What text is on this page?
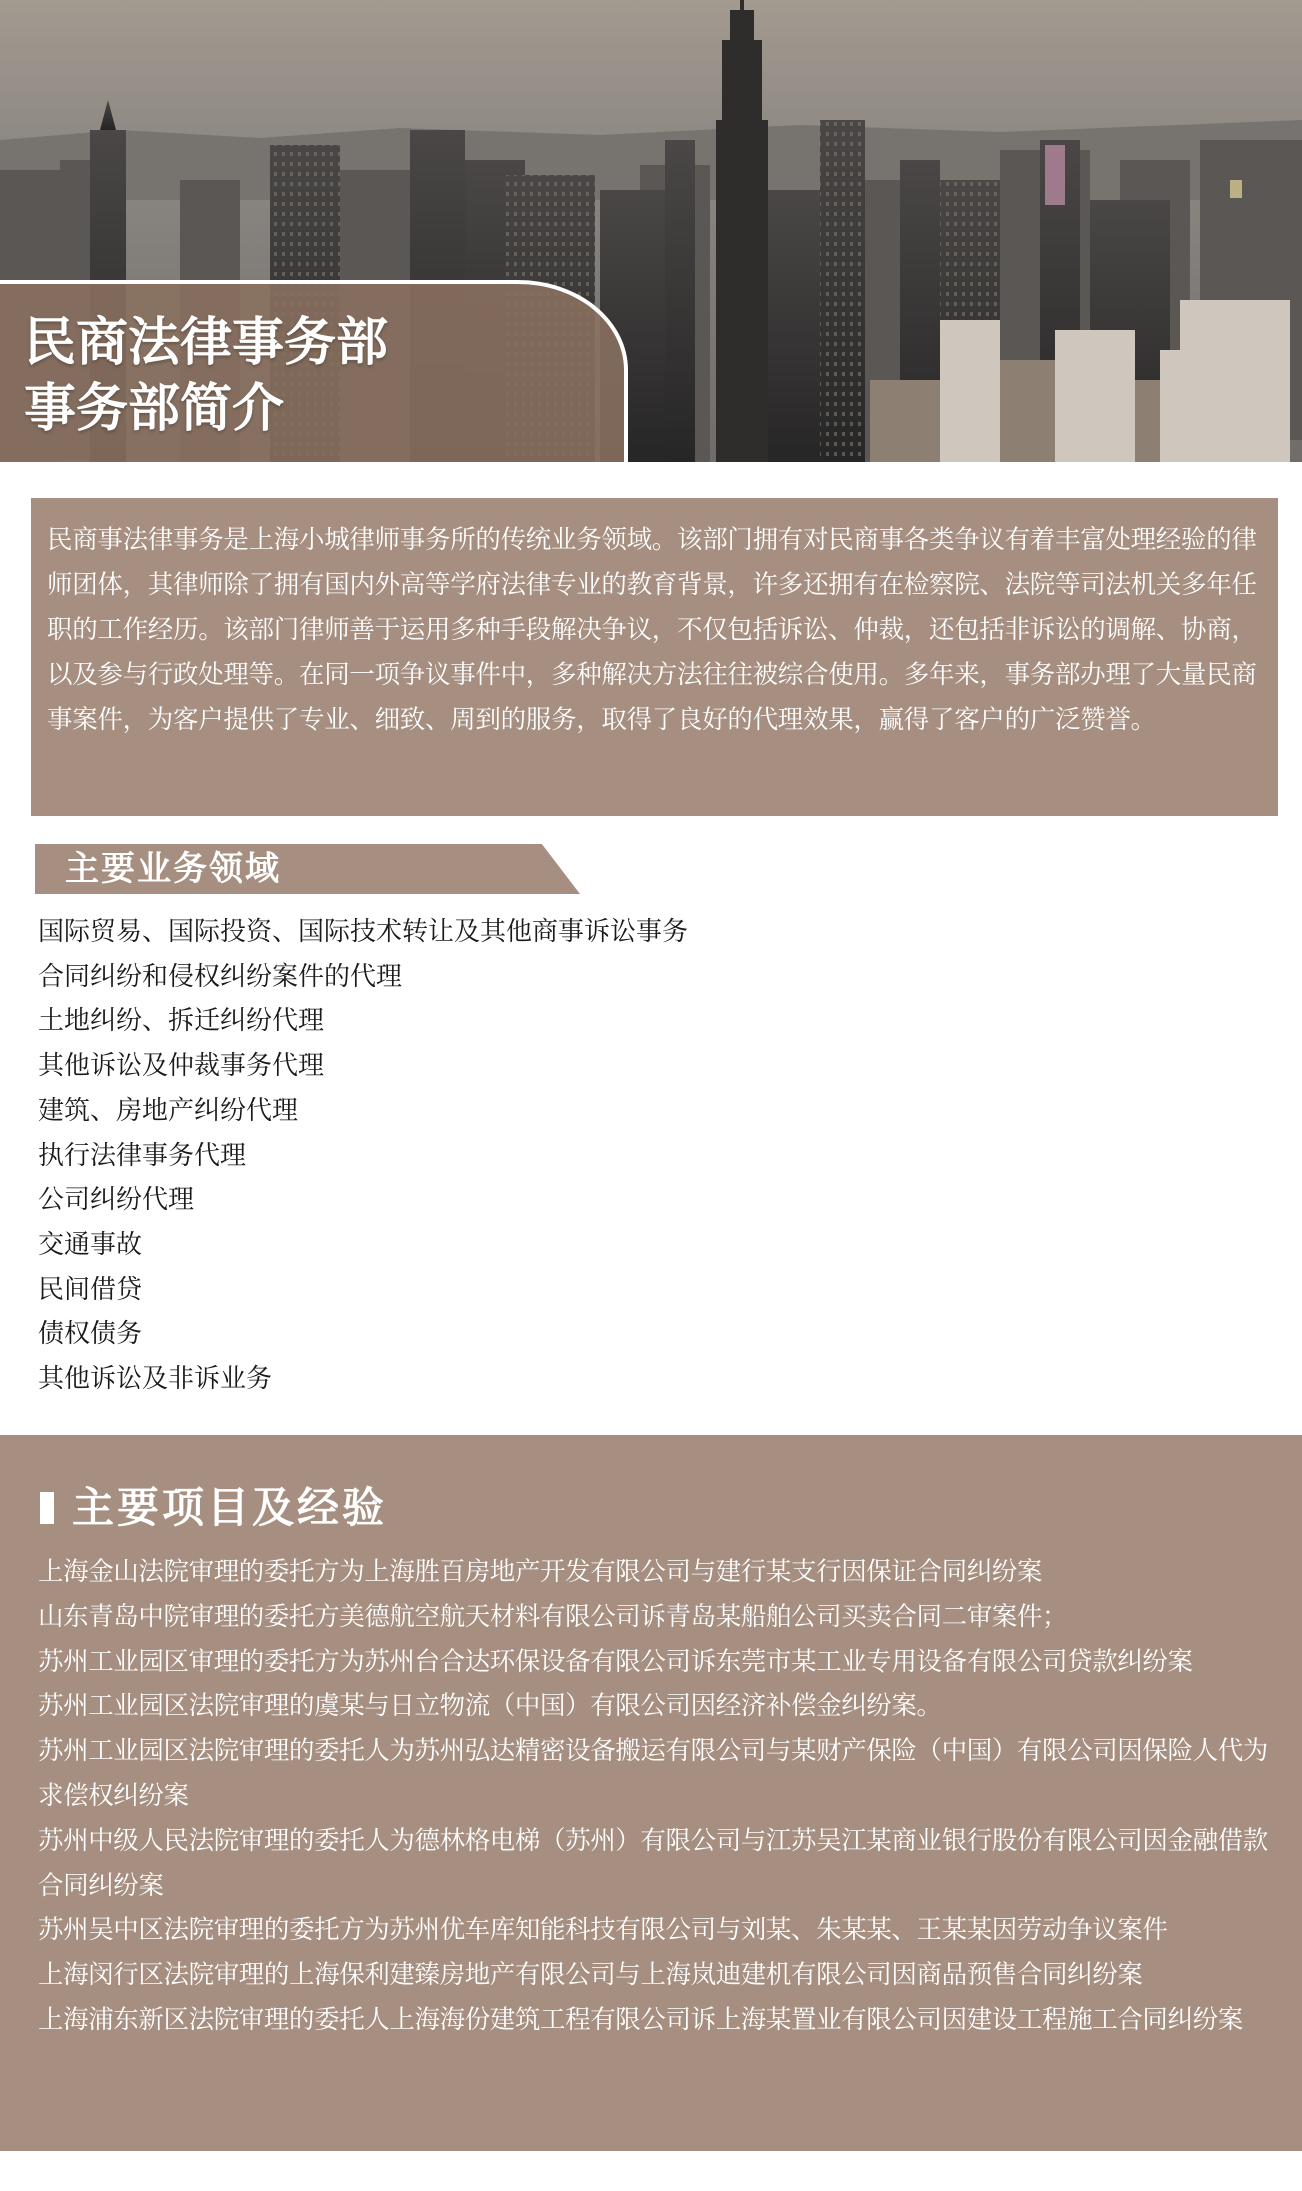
民商法律事务部
事务部简介

民商事法律事务是上海小城律师事务所的传统业务领域。该部门拥有对民商事各类争议有着丰富处理经验的律师团体，其律师除了拥有国内外高等学府法律专业的教育背景，许多还拥有在检察院、法院等司法机关多年任职的工作经历。该部门律师善于运用多种手段解决争议，不仅包括诉讼、仲裁，还包括非诉讼的调解、协商，以及参与行政处理等。在同一项争议事件中，多种解决方法往往被综合使用。多年来，事务部办理了大量民商事案件，为客户提供了专业、细致、周到的服务，取得了良好的代理效果，赢得了客户的广泛赞誉。

主要业务领域
国际贸易、国际投资、国际技术转让及其他商事诉讼事务
合同纠纷和侵权纠纷案件的代理
土地纠纷、拆迁纠纷代理
其他诉讼及仲裁事务代理
建筑、房地产纠纷代理
执行法律事务代理
公司纠纷代理
交通事故
民间借贷
债权债务
其他诉讼及非诉业务
主要项目及经验
上海金山法院审理的委托方为上海胜百房地产开发有限公司与建行某支行因保证合同纠纷案
山东青岛中院审理的委托方美德航空航天材料有限公司诉青岛某船舶公司买卖合同二审案件；
苏州工业园区审理的委托方为苏州台合达环保设备有限公司诉东莞市某工业专用设备有限公司贷款纠纷案
苏州工业园区法院审理的虞某与日立物流（中国）有限公司因经济补偿金纠纷案。
苏州工业园区法院审理的委托人为苏州弘达精密设备搬运有限公司与某财产保险（中国）有限公司因保险人代为求偿权纠纷案
苏州中级人民法院审理的委托人为德林格电梯（苏州）有限公司与江苏吴江某商业银行股份有限公司因金融借款合同纠纷案
苏州吴中区法院审理的委托方为苏州优车库知能科技有限公司与刘某、朱某某、王某某因劳动争议案件
上海闵行区法院审理的上海保利建臻房地产有限公司与上海岚迪建机有限公司因商品预售合同纠纷案
上海浦东新区法院审理的委托人上海海份建筑工程有限公司诉上海某置业有限公司因建设工程施工合同纠纷案
